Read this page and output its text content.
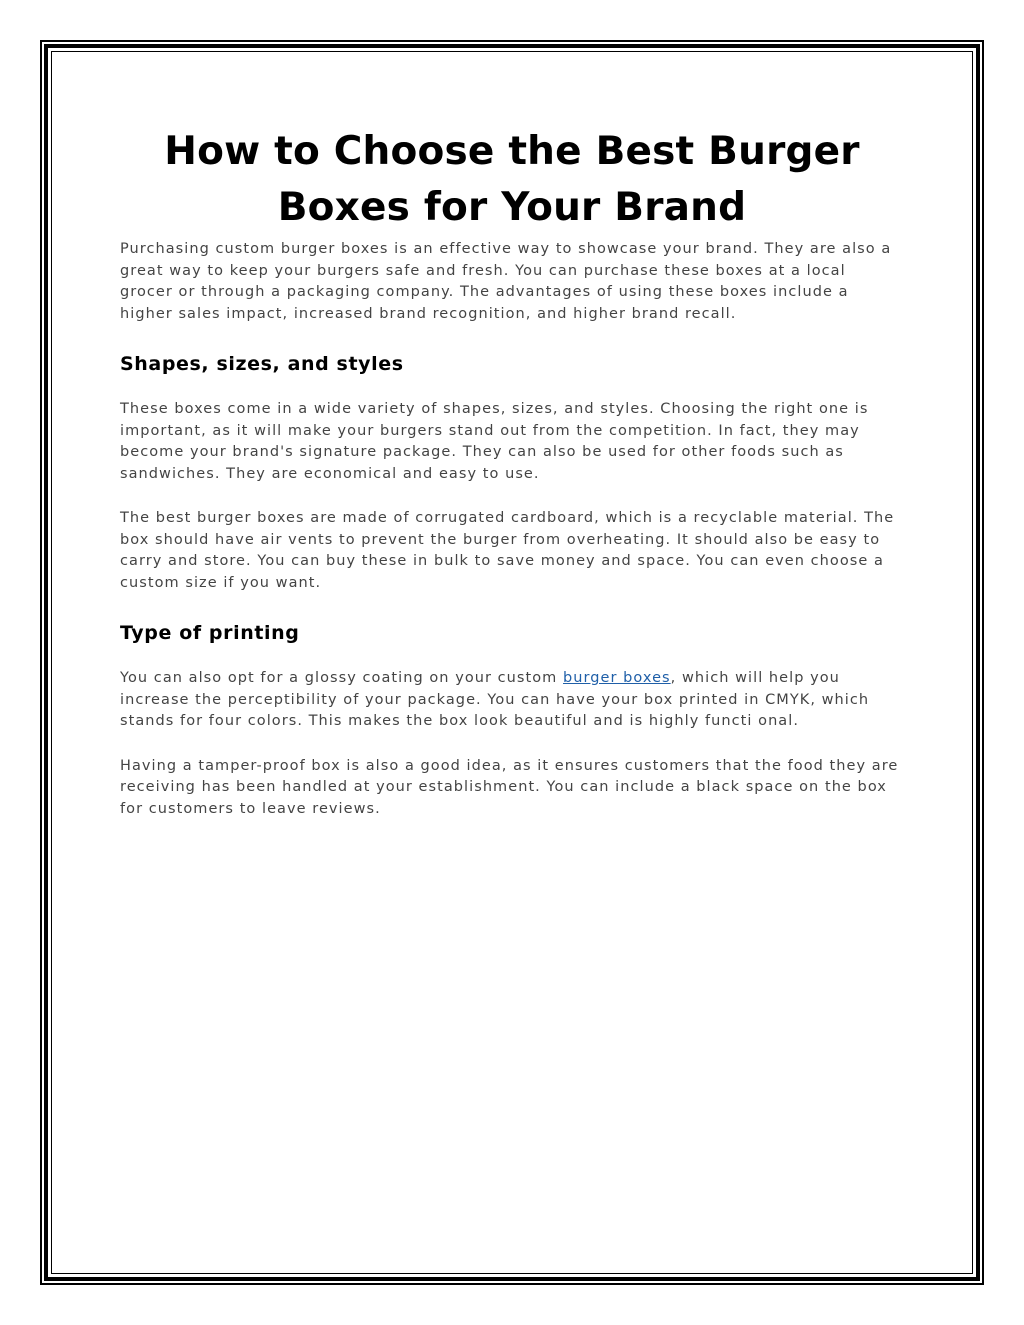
How to Choose the Best Burger
Boxes for Your Brand

Purchasing custom burger boxes is an effective way to showcase your brand. They are also a great way to keep your burgers safe and fresh. You can purchase these boxes at a local grocer or through a packaging company. The advantages of using these boxes include a higher sales impact, increased brand recognition, and higher brand recall.

Shapes, sizes, and styles

These boxes come in a wide variety of shapes, sizes, and styles. Choosing the right one is important, as it will make your burgers stand out from the competition. In fact, they may become your brand's signature package. They can also be used for other foods such as sandwiches. They are economical and easy to use.

The best burger boxes are made of corrugated cardboard, which is a recyclable material. The box should have air vents to prevent the burger from overheating. It should also be easy to carry and store. You can buy these in bulk to save money and space. You can even choose a custom size if you want.

Type of printing

You can also opt for a glossy coating on your custom burger boxes, which will help you increase the perceptibility of your package. You can have your box printed in CMYK, which stands for four colors. This makes the box look beautiful and is highly functi onal.

Having a tamper-proof box is also a good idea, as it ensures customers that the food they are receiving has been handled at your establishment. You can include a black space on the box for customers to leave reviews.
